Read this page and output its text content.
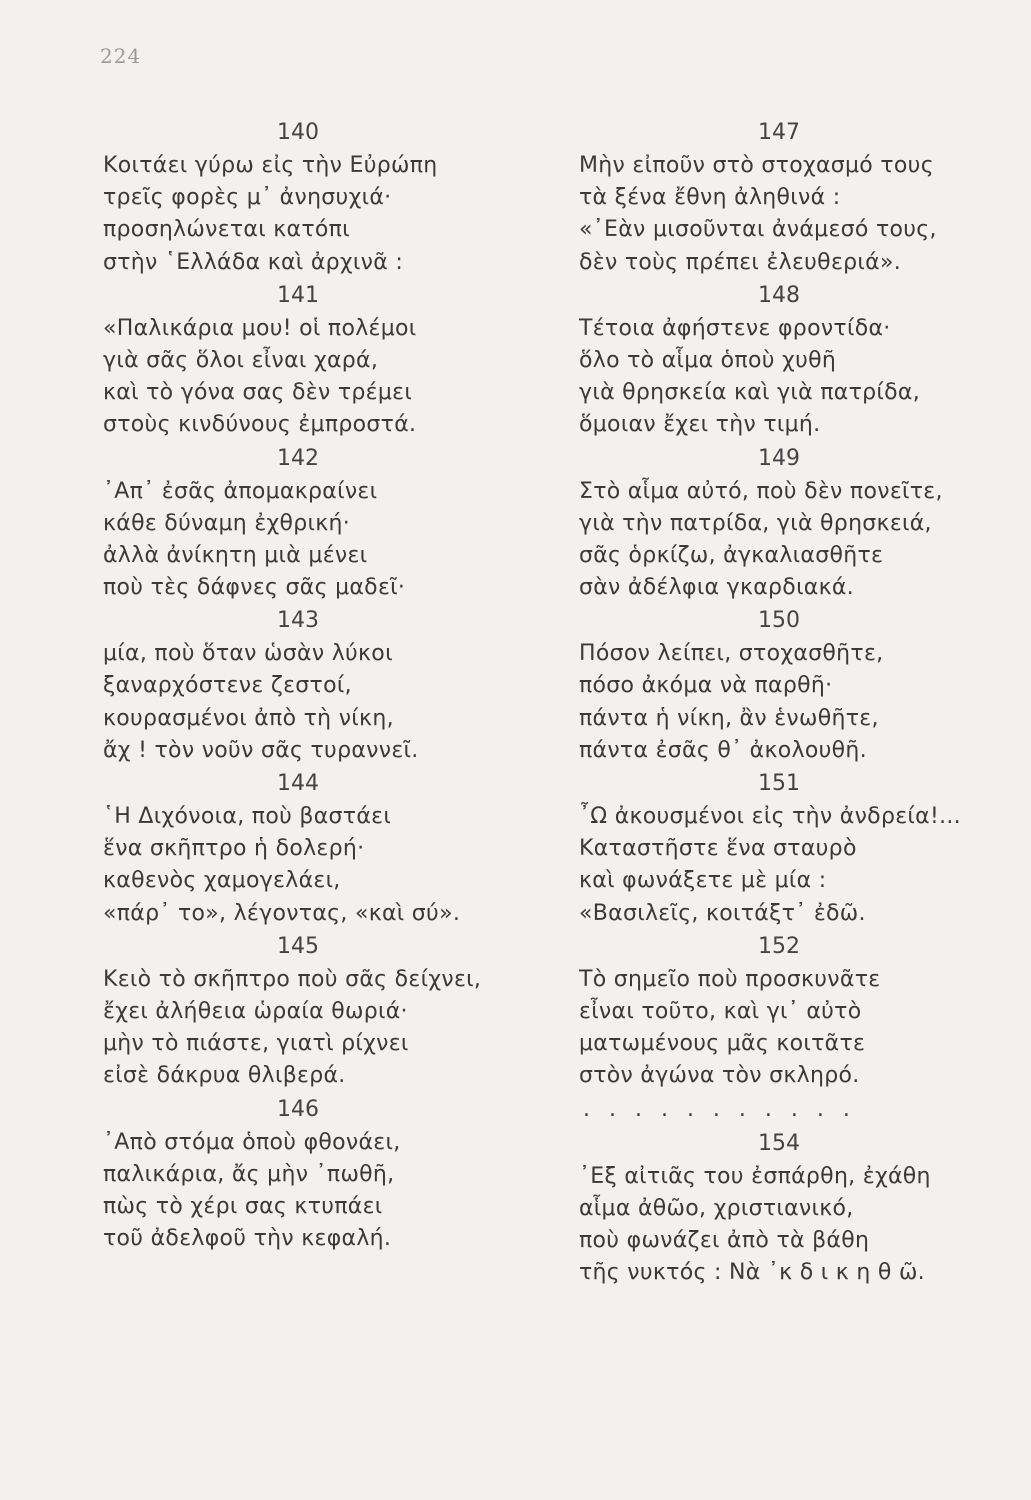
224
140
Κοιτάει γύρω εἰς τὴν Εὐρώπη
τρεῖς φορὲς μ᾽ ἀνησυχιά·
προσηλώνεται κατόπι
στὴν ῾Ελλάδα καὶ ἀρχινᾶ :
141
«Παλικάρια μου! οἱ πολέμοι
γιὰ σᾶς ὅλοι εἶναι χαρά,
καὶ τὸ γόνα σας δὲν τρέμει
στοὺς κινδύνους ἐμπροστά.
142
᾽Απ᾽ ἐσᾶς ἀπομακραίνει
κάθε δύναμη ἐχθρική·
ἀλλὰ ἀνίκητη μιὰ μένει
ποὺ τὲς δάφνες σᾶς μαδεῖ·
143
μία, ποὺ ὅταν ὡσὰν λύκοι
ξαναρχόστενε ζεστοί,
κουρασμένοι ἀπὸ τὴ νίκη,
ἄχ ! τὸν νοῦν σᾶς τυραννεῖ.
144
῾Η Διχόνοια, ποὺ βαστάει
ἕνα σκῆπτρο ἡ δολερή·
καθενὸς χαμογελάει,
«πάρ᾽ το», λέγοντας, «καὶ σύ».
145
Κειὸ τὸ σκῆπτρο ποὺ σᾶς δείχνει,
ἔχει ἀλήθεια ὡραία θωριά·
μὴν τὸ πιάστε, γιατὶ ρίχνει
εἰσὲ δάκρυα θλιβερά.
146
᾽Απὸ στόμα ὁποὺ φθονάει,
παλικάρια, ἄς μὴν ᾽πωθῆ,
πὼς τὸ χέρι σας κτυπάει
τοῦ ἀδελφοῦ τὴν κεφαλή.
147
Μὴν εἰποῦν στὸ στοχασμό τους
τὰ ξένα ἔθνη ἀληθινά :
«᾽Εὰν μισοῦνται ἀνάμεσό τους,
δὲν τοὺς πρέπει ἐλευθεριά».
148
Τέτοια ἀφήστενε φροντίδα·
ὅλο τὸ αἷμα ὁποὺ χυθῆ
γιὰ θρησκεία καὶ γιὰ πατρίδα,
ὅμοιαν ἔχει τὴν τιμή.
149
Στὸ αἷμα αὐτό, ποὺ δὲν πονεῖτε,
γιὰ τὴν πατρίδα, γιὰ θρησκειά,
σᾶς ὁρκίζω, ἀγκαλιασθῆτε
σὰν ἀδέλφια γκαρδιακά.
150
Πόσον λείπει, στοχασθῆτε,
πόσο ἀκόμα νὰ παρθῆ·
πάντα ἡ νίκη, ἂν ἑνωθῆτε,
πάντα ἐσᾶς θ᾽ ἀκολουθῆ.
151
῏Ω ἀκουσμένοι εἰς τὴν ἀνδρεία!...
Καταστῆστε ἕνα σταυρὸ
καὶ φωνάξετε μὲ μία :
«Βασιλεῖς, κοιτάξτ᾽ ἐδῶ.
152
Τὸ σημεῖο ποὺ προσκυνᾶτε
εἶναι τοῦτο, καὶ γι᾽ αὐτὸ
ματωμένους μᾶς κοιτᾶτε
στὸν ἀγώνα τὸν σκληρό.
. . . . . . . . . . .
154
᾽Εξ αἰτιᾶς του ἐσπάρθη, ἐχάθη
αἷμα ἀθῶο, χριστιανικό,
ποὺ φωνάζει ἀπὸ τὰ βάθη
τῆς νυκτός : Νὰ ᾽κ δ ι κ η θ ῶ.
